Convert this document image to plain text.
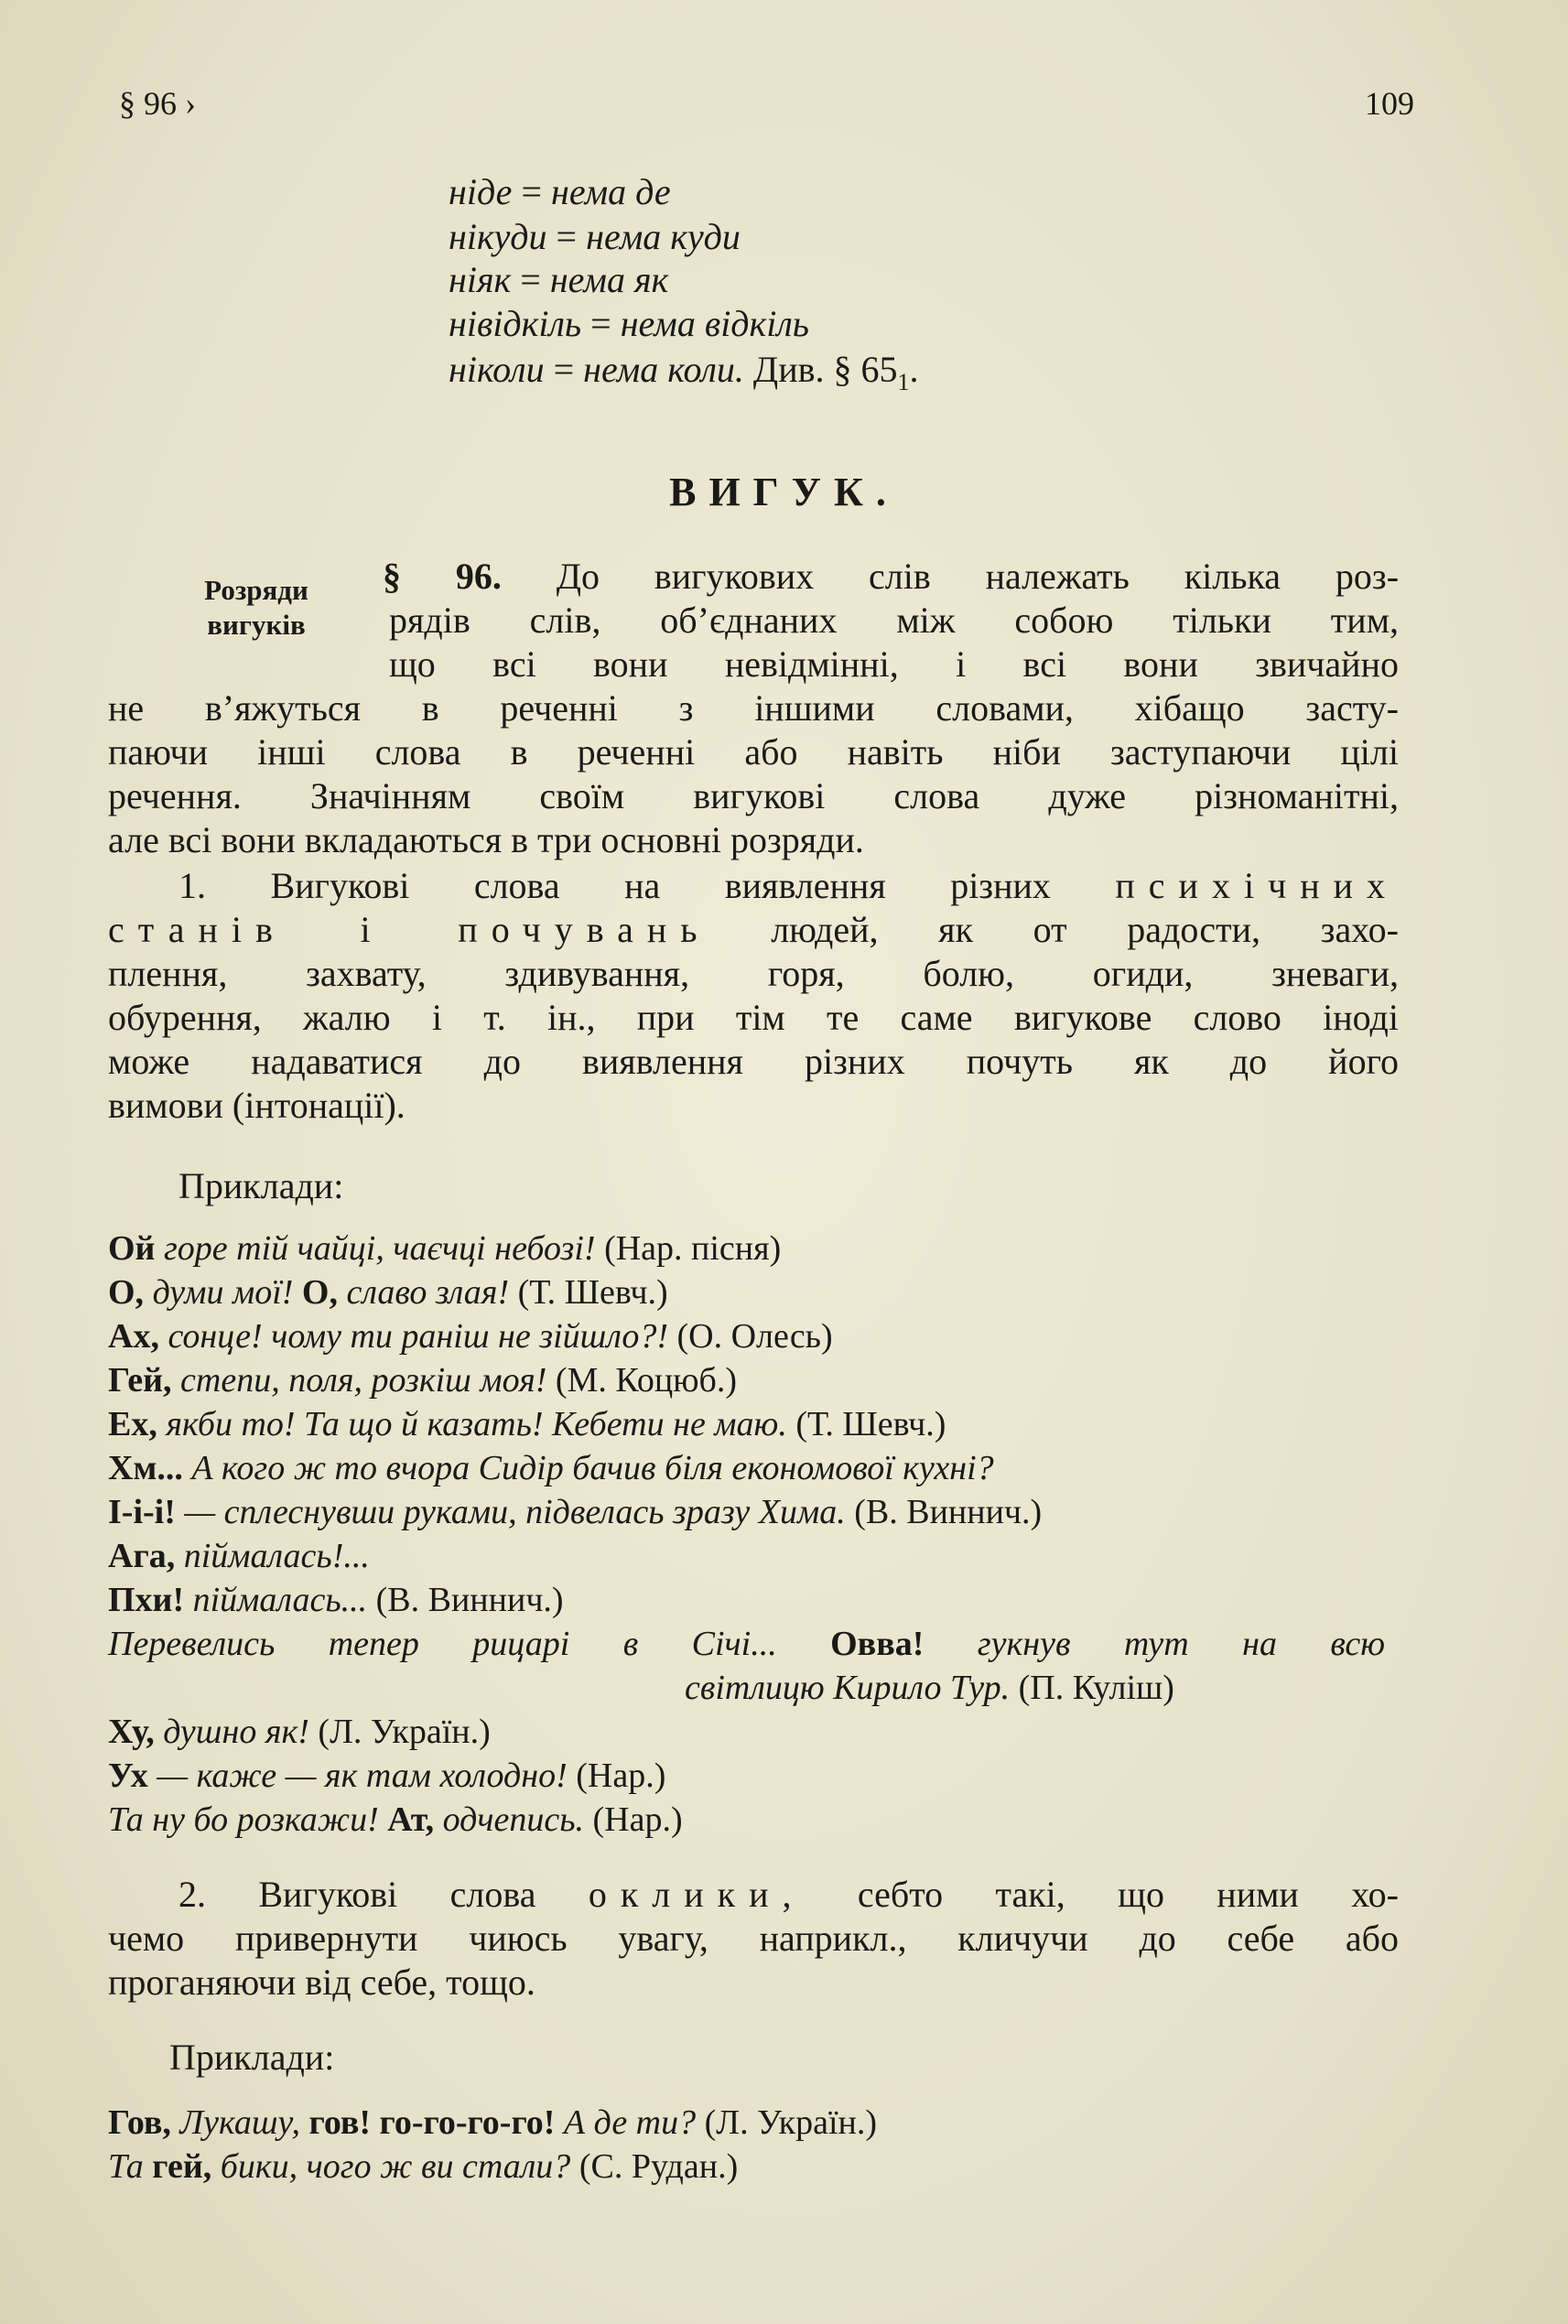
§ 96 ›	109
ніде = нема де
нікуди = нема куди
ніяк = нема як
нівідкіль = нема відкіль
ніколи = нема коли. Див. § $65_1$.
ВИГУК.
Розряди
вигуків
§ 96. До вигукових слів належать кілька роз-
рядів слів, об’єднаних між собою тільки тим,
що всі вони невідмінні, і всі вони звичайно
не в’яжуться в реченні з іншими словами, хібащо засту-
паючи інші слова в реченні або навіть ніби заступаючи цілі
речення. Значінням своїм вигукові слова дуже різноманітні,
але всі вони вкладаються в три основні розряди.
1. Вигукові слова на виявлення різних психічних
станів і почувань людей, як от радости, захо-
плення, захвату, здивування, горя, болю, огиди, зневаги,
обурення, жалю і т. ін., при тім те саме вигукове слово іноді
може надаватися до виявлення різних почуть як до його
вимови (інтонації).
Приклади:
Ой горе тій чайці, чаєчці небозі! (Нар. пісня)
О, думи мої! О, славо злая! (Т. Шевч.)
Ах, сонце! чому ти раніш не зійшло?! (О. Олесь)
Гей, степи, поля, розкіш моя! (М. Коцюб.)
Ех, якби то! Та що й казать! Кебети не маю. (Т. Шевч.)
Хм... А кого ж то вчора Сидір бачив біля економової кухні?
І-і-і! — сплеснувши руками, підвелась зразу Хима. (В. Виннич.)
Ага, піймалась!...
Пхи! піймалась... (В. Виннич.)
Перевелись тепер рицарі в Січі... Овва! гукнув тут на всю
світлицю Кирило Тур. (П. Куліш)
Ху, душно як! (Л. Україн.)
Ух — каже — як там холодно! (Нар.)
Та ну бо розкажи! Ат, одчепись. (Нар.)
2. Вигукові слова оклики, себто такі, що ними хо-
чемо привернути чиюсь увагу, наприкл., кличучи до себе або
проганяючи від себе, тощо.
Приклади:
Гов, Лукашу, гов! го-го-го-го! А де ти? (Л. Україн.)
Та гей, бики, чого ж ви стали? (С. Рудан.)
